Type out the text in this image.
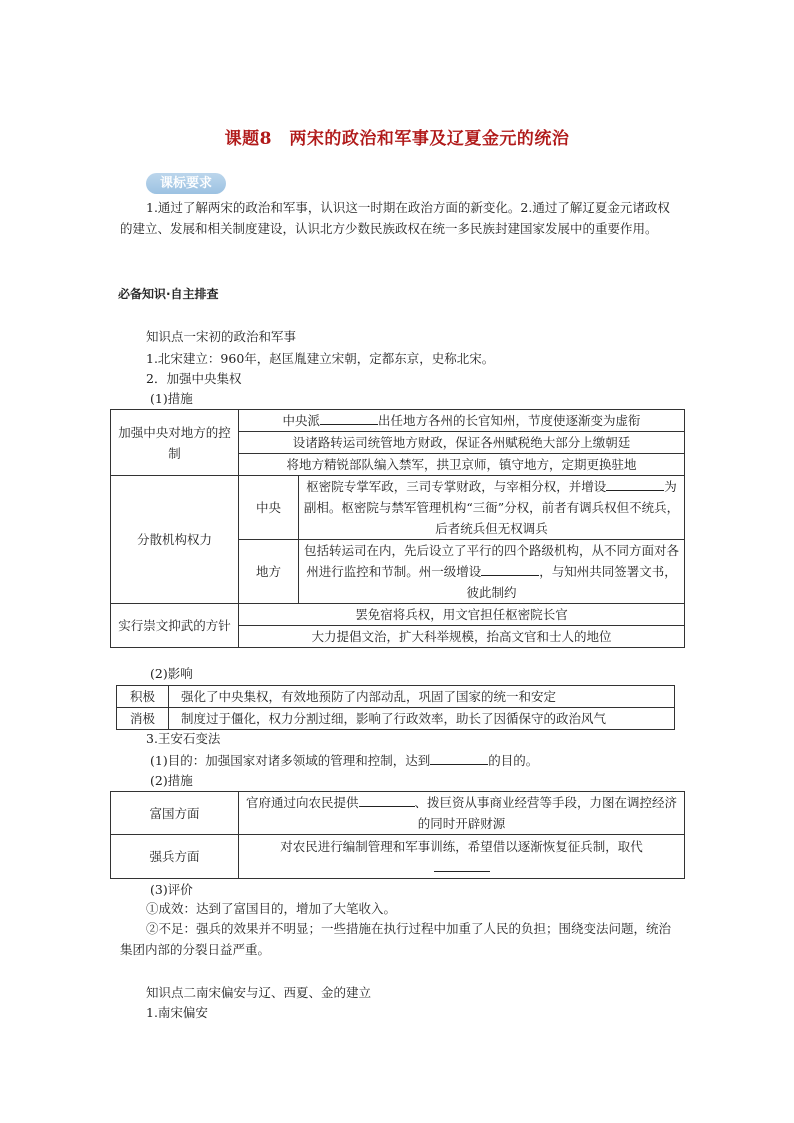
课题8　两宋的政治和军事及辽夏金元的统治
课标要求
1.通过了解两宋的政治和军事，认识这一时期在政治方面的新变化。2.通过了解辽夏金元诸政权的建立、发展和相关制度建设，认识北方少数民族政权在统一多民族封建国家发展中的重要作用。
必备知识·自主排查
知识点一宋初的政治和军事
1.北宋建立：960年，赵匡胤建立宋朝，定都东京，史称北宋。
2．加强中央集权
(1)措施
加强中央对地方的控制	中央派 出任地方各州的长官知州，节度使逐渐变为虚衔	
	设诸路转运司统管地方财政，保证各州赋税绝大部分上缴朝廷	
	将地方精锐部队编入禁军，拱卫京师，镇守地方，定期更换驻地	
分散机构权力	中央	枢密院专掌军政，三司专掌财政，与宰相分权，并增设 为副相。枢密院与禁军管理机构“三衙”分权，前者有调兵权但不统兵，后者统兵但无权调兵
	地方	包括转运司在内，先后设立了平行的四个路级机构，从不同方面对各州进行监控和节制。州一级增设 ，与知州共同签署文书，彼此制约
实行崇文抑武的方针	罢免宿将兵权，用文官担任枢密院长官	
	大力提倡文治，扩大科举规模，抬高文官和士人的地位	
(2)影响
积极	强化了中央集权，有效地预防了内部动乱，巩固了国家的统一和安定
消极	制度过于僵化，权力分割过细，影响了行政效率，助长了因循保守的政治风气
3.王安石变法
(1)目的：加强国家对诸多领域的管理和控制，达到	的目的。
(2)措施
富国方面	官府通过向农民提供 、拨巨资从事商业经营等手段，力图在调控经济的同时开辟财源
强兵方面	对农民进行编制管理和军事训练，希望借以逐渐恢复征兵制，取代

(3)评价
①成效：达到了富国目的，增加了大笔收入。
②不足：强兵的效果并不明显；一些措施在执行过程中加重了人民的负担；围绕变法问题，统治集团内部的分裂日益严重。
知识点二南宋偏安与辽、西夏、金的建立
1.南宋偏安
